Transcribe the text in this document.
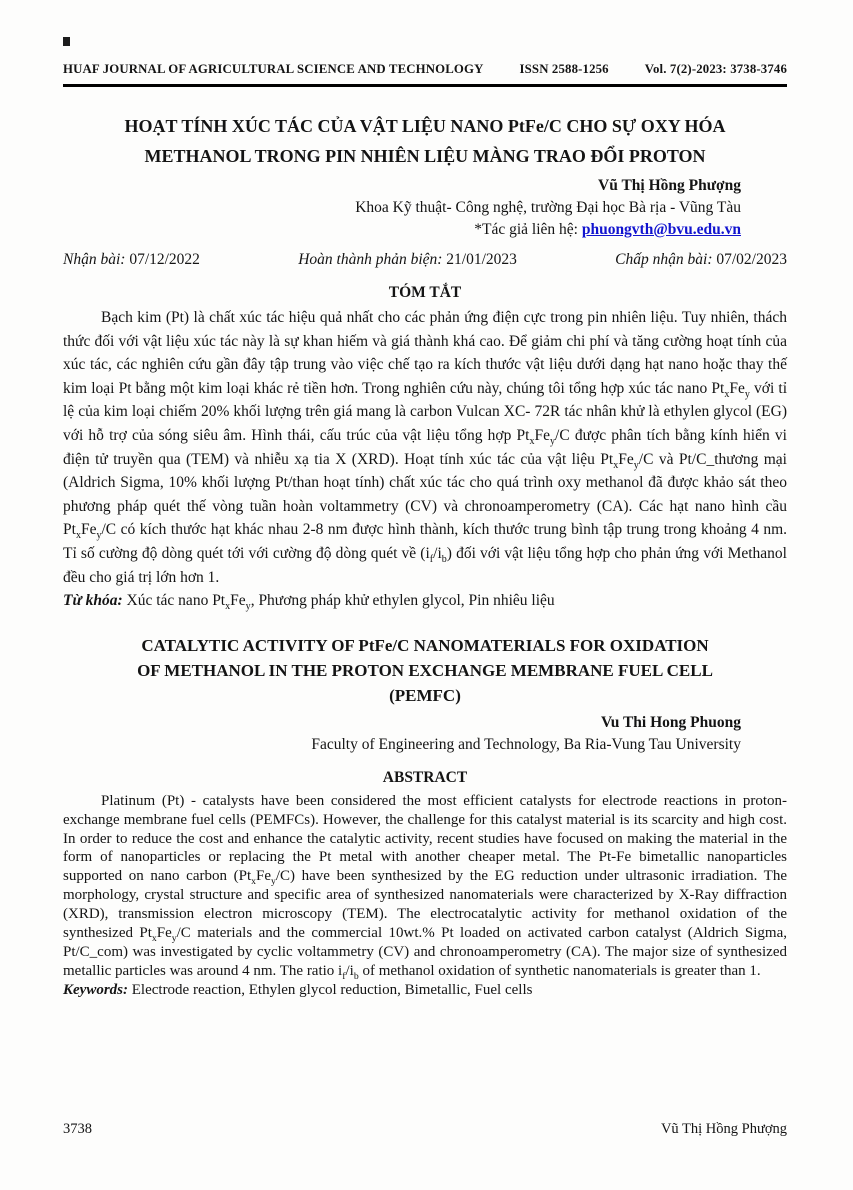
HUAF JOURNAL OF AGRICULTURAL SCIENCE AND TECHNOLOGY	ISSN 2588-1256	Vol. 7(2)-2023: 3738-3746
HOẠT TÍNH XÚC TÁC CỦA VẬT LIỆU NANO PtFe/C CHO SỰ OXY HÓA
METHANOL TRONG PIN NHIÊN LIỆU MÀNG TRAO ĐỔI PROTON
Vũ Thị Hồng Phượng
Khoa Kỹ thuật- Công nghệ, trường Đại học Bà rịa - Vũng Tàu
*Tác giả liên hệ: phuongvth@bvu.edu.vn
Nhận bài: 07/12/2022	Hoàn thành phản biện: 21/01/2023	Chấp nhận bài: 07/02/2023
TÓM TẮT

Bạch kim (Pt) là chất xúc tác hiệu quả nhất cho các phản ứng điện cực trong pin nhiên liệu. Tuy nhiên, thách thức đối với vật liệu xúc tác này là sự khan hiếm và giá thành khá cao. Để giảm chi phí và tăng cường hoạt tính của xúc tác, các nghiên cứu gần đây tập trung vào việc chế tạo ra kích thước vật liệu dưới dạng hạt nano hoặc thay thế kim loại Pt bằng một kim loại khác rẻ tiền hơn. Trong nghiên cứu này, chúng tôi tổng hợp xúc tác nano $Pt_xFe_y$ với tỉ lệ của kim loại chiếm 20% khối lượng trên giá mang là carbon Vulcan XC- 72R tác nhân khử là ethylen glycol (EG) với hỗ trợ của sóng siêu âm. Hình thái, cấu trúc của vật liệu tổng hợp $Pt_xFe_y/C$ được phân tích bằng kính hiển vi điện tử truyền qua (TEM) và nhiễu xạ tia X (XRD). Hoạt tính xúc tác của vật liệu $Pt_xFe_y/C$ và Pt/C_thương mại (Aldrich Sigma, 10% khối lượng Pt/than hoạt tính) chất xúc tác cho quá trình oxy methanol đã được khảo sát theo phương pháp quét thế vòng tuần hoàn voltammetry (CV) và chronoamperometry (CA). Các hạt nano hình cầu $Pt_xFe_y/C$ có kích thước hạt khác nhau 2-8 nm được hình thành, kích thước trung bình tập trung trong khoảng 4 nm. Tỉ số cường độ dòng quét tới với cường độ dòng quét về $(i_f/i_b)$ đối với vật liệu tổng hợp cho phản ứng với Methanol đều cho giá trị lớn hơn 1.

Từ khóa: Xúc tác nano $Pt_xFe_y$, Phương pháp khử ethylen glycol, Pin nhiêu liệu

CATALYTIC ACTIVITY OF PtFe/C NANOMATERIALS FOR OXIDATION
OF METHANOL IN THE PROTON EXCHANGE MEMBRANE FUEL CELL
(PEMFC)
Vu Thi Hong Phuong
Faculty of Engineering and Technology, Ba Ria-Vung Tau University
ABSTRACT

Platinum (Pt) - catalysts have been considered the most efficient catalysts for electrode reactions in proton-exchange membrane fuel cells (PEMFCs). However, the challenge for this catalyst material is its scarcity and high cost. In order to reduce the cost and enhance the catalytic activity, recent studies have focused on making the material in the form of nanoparticles or replacing the Pt metal with another cheaper metal. The Pt-Fe bimetallic nanoparticles supported on nano carbon $(Pt_xFe_y/C)$ have been synthesized by the EG reduction under ultrasonic irradiation. The morphology, crystal structure and specific area of synthesized nanomaterials were characterized by X-Ray diffraction (XRD), transmission electron microscopy (TEM). The electrocatalytic activity for methanol oxidation of the synthesized $Pt_xFe_y/C$ materials and the commercial 10wt.% Pt loaded on activated carbon catalyst (Aldrich Sigma, Pt/C_com) was investigated by cyclic voltammetry (CV) and chronoamperometry (CA). The major size of synthesized metallic particles was around 4 nm. The ratio $i_f/i_b$ of methanol oxidation of synthetic nanomaterials is greater than 1.

Keywords: Electrode reaction, Ethylen glycol reduction, Bimetallic, Fuel cells

3738	Vũ Thị Hồng Phượng
